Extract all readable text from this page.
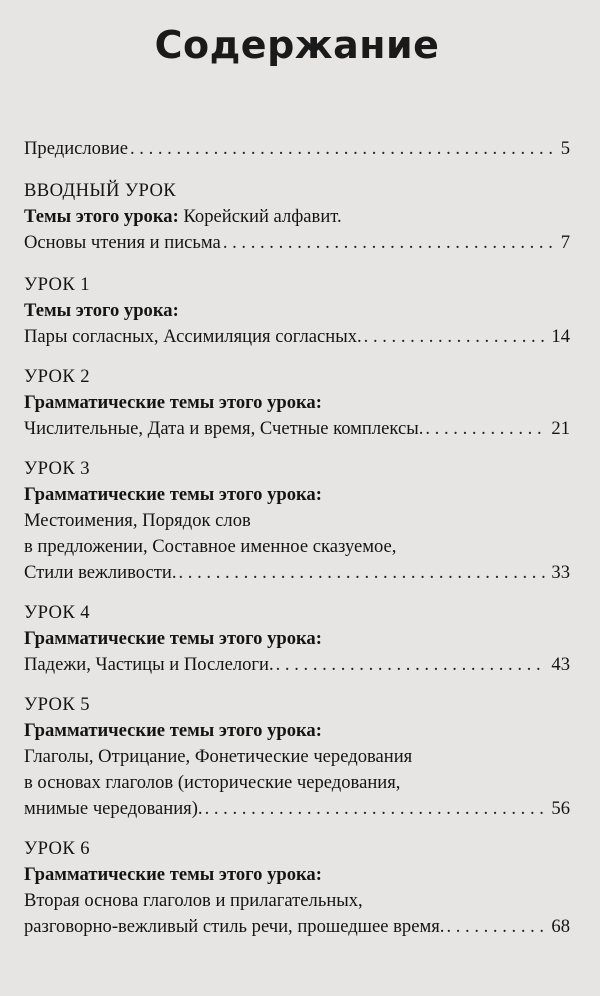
Содержание
Предисловие . . .	5
ВВОДНЫЙ УРОК
Темы этого урока: Корейский алфавит.
Основы чтения и письма . . .	7
УРОК 1
Темы этого урока:
Пары согласных, Ассимиляция согласных. . . .	14
УРОК 2
Грамматические темы этого урока:
Числительные, Дата и время, Счетные комплексы. . . .	21
УРОК 3
Грамматические темы этого урока:
Местоимения, Порядок слов
в предложении, Составное именное сказуемое,
Стили вежливости. . . .	33
УРОК 4
Грамматические темы этого урока:
Падежи, Частицы и Послелоги. . . .	43
УРОК 5
Грамматические темы этого урока:
Глаголы, Отрицание, Фонетические чередования
в основах глаголов (исторические чередования,
мнимые чередования). . . .	56
УРОК 6
Грамматические темы этого урока:
Вторая основа глаголов и прилагательных,
разговорно-вежливый стиль речи, прошедшее время. . . .	68
